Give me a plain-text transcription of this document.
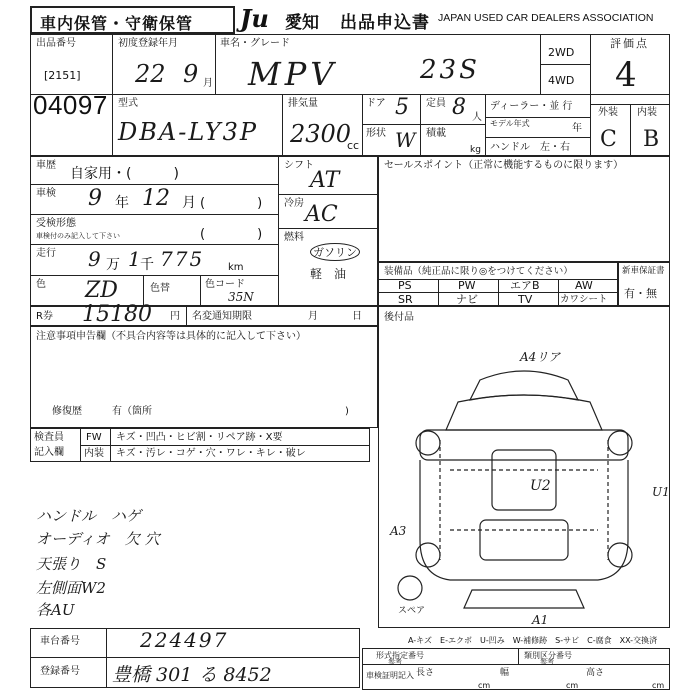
車内保管・守衛保管 Ju 愛知 出品申込書 JAPAN USED CAR DEALERS ASSOCIATION
出品番号
[2151]
04097
初度登録年月
22 9 月
車名・グレード
MPV	23S
2WD
4WD
評価点
4
外装 内装
C B
型式
DBA-LY3P
排気量
2300
cc
ドア 5
形状 W
定員 8 人
積載
kg
ディーラー・並 行
モデル年式	年
ハンドル　左・右
車歴
自家用・(　　　)
車検 9 年 12 月 (　　　　)
受検形態
車検付のみ記入して下さい	(　　　　)
走行 9 万 1 千 775 km
色 ZD	色替	色コード
35N
シフト
AT
冷房 AC
燃料
ガソリン
軽　油
R券 15180 円 名変通知期限	月	日
注意事項申告欄（不具合内容等は具体的に記入して下さい）
修復歴	有（箇所	)
検査員
記入欄
FW キズ・凹凸・ヒビ割・リペア跡・X要
内装 キズ・汚レ・コゲ・穴・ワレ・キレ・破レ
ハンドル　ハゲ
オーディオ　欠 穴
天張り　S
左側面W2
各AU
車台番号	224497
登録番号 豊橋 301 る 8452
セールスポイント（正常に機能するものに限ります）
装備品（純正品に限り◎をつけてください）
PS	PW	エアB	AW
SR	ナビ	TV	カワシート
新車保証書
有・無
後付品
A4リア
U2
A3
U1
A1
スペア
A-キズ　E-エクボ　U-凹み　W-補修跡　S-サビ　C-腐食　XX-交換済
形式指定番号
参考
類別区分番号
参考
車検証明記入 長さ
cm
幅
cm
高さ
cm
